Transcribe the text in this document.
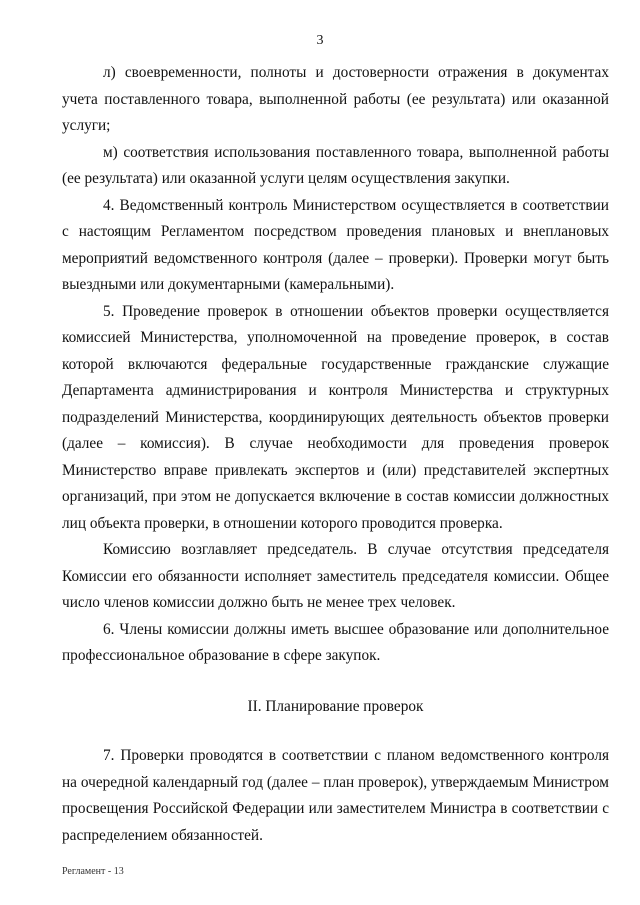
3

л) своевременности, полноты и достоверности отражения в документах учета поставленного товара, выполненной работы (ее результата) или оказанной услуги;

м) соответствия использования поставленного товара, выполненной работы (ее результата) или оказанной услуги целям осуществления закупки.

4. Ведомственный контроль Министерством осуществляется в соответствии с настоящим Регламентом посредством проведения плановых и внеплановых мероприятий ведомственного контроля (далее – проверки). Проверки могут быть выездными или документарными (камеральными).

5. Проведение проверок в отношении объектов проверки осуществляется комиссией Министерства, уполномоченной на проведение проверок, в состав которой включаются федеральные государственные гражданские служащие Департамента администрирования и контроля Министерства и структурных подразделений Министерства, координирующих деятельность объектов проверки (далее – комиссия). В случае необходимости для проведения проверок Министерство вправе привлекать экспертов и (или) представителей экспертных организаций, при этом не допускается включение в состав комиссии должностных лиц объекта проверки, в отношении которого проводится проверка.

Комиссию возглавляет председатель. В случае отсутствия председателя Комиссии его обязанности исполняет заместитель председателя комиссии. Общее число членов комиссии должно быть не менее трех человек.

6. Члены комиссии должны иметь высшее образование или дополнительное профессиональное образование в сфере закупок.

II. Планирование проверок

7. Проверки проводятся в соответствии с планом ведомственного контроля на очередной календарный год (далее – план проверок), утверждаемым Министром просвещения Российской Федерации или заместителем Министра в соответствии с распределением обязанностей.

Регламент - 13
